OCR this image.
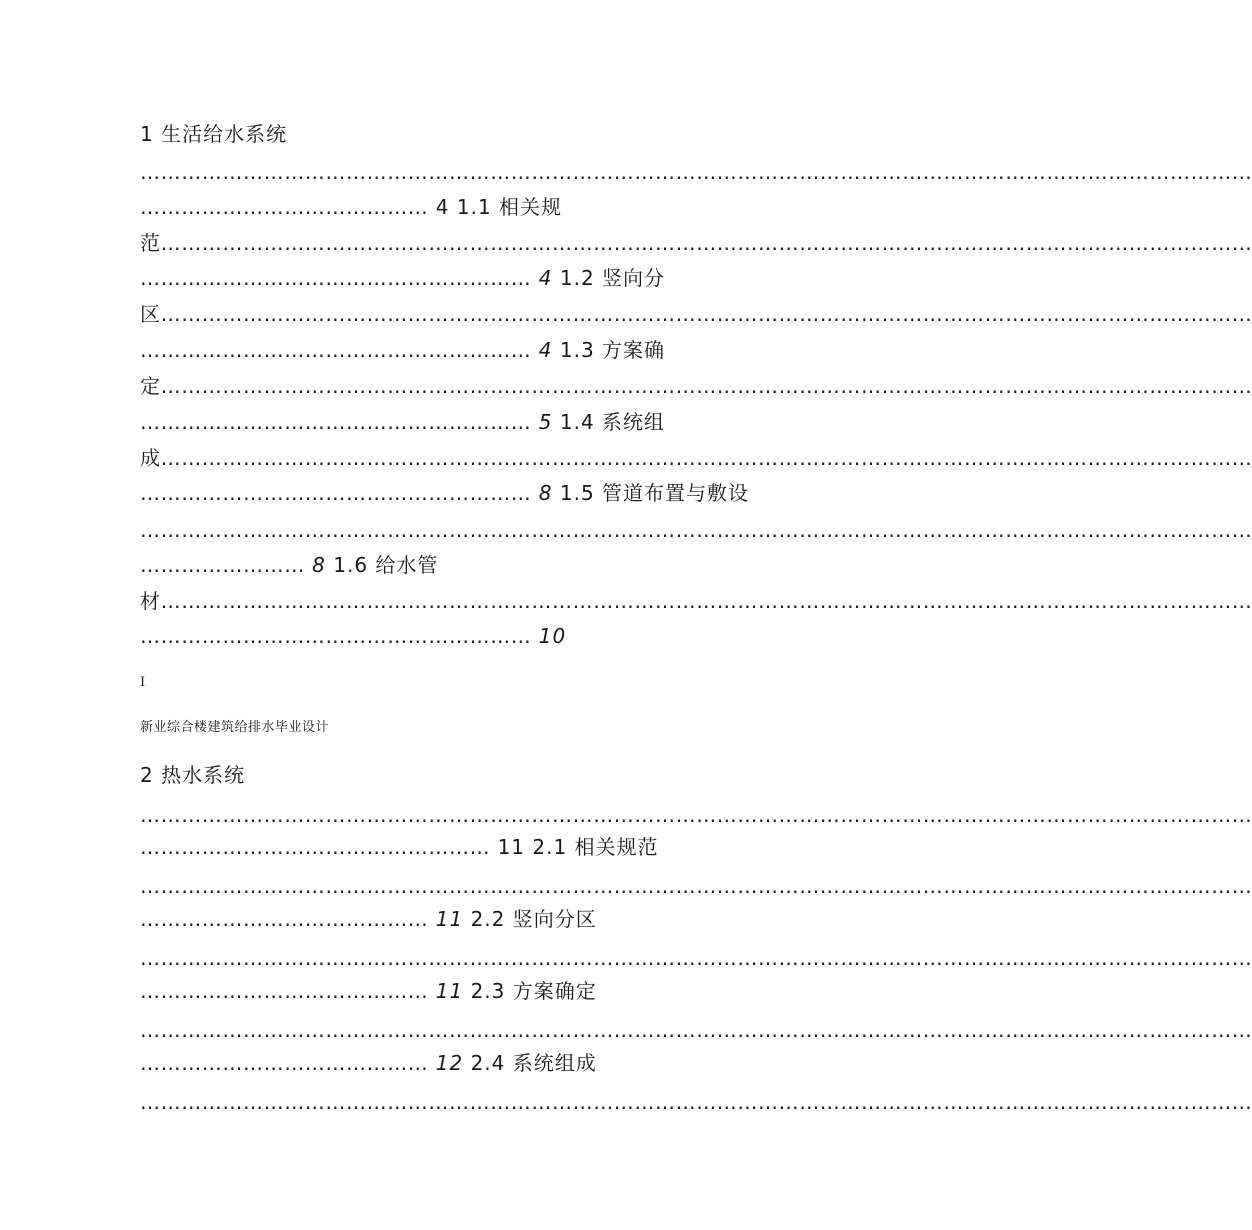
1 生活给水系统
………………………………………………………………………………………………………………………………………………
…………………………………… 4 1.1 相关规
范……………………………………………………………………………………………………………………………………………
………………………………………………… 4 1.2 竖向分
区……………………………………………………………………………………………………………………………………………
………………………………………………… 4 1.3 方案确
定……………………………………………………………………………………………………………………………………………
………………………………………………… 5 1.4 系统组
成……………………………………………………………………………………………………………………………………………
………………………………………………… 8 1.5 管道布置与敷设
………………………………………………………………………………………………………………………………………………
…………………… 8 1.6 给水管
材……………………………………………………………………………………………………………………………………………
………………………………………………… 10
I
新业综合楼建筑给排水毕业设计
2 热水系统
………………………………………………………………………………………………………………………………………………
…………………………………………… 11 2.1 相关规范
………………………………………………………………………………………………………………………………………………
…………………………………… 11 2.2 竖向分区
………………………………………………………………………………………………………………………………………………
…………………………………… 11 2.3 方案确定
………………………………………………………………………………………………………………………………………………
…………………………………… 12 2.4 系统组成
………………………………………………………………………………………………………………………………………………
